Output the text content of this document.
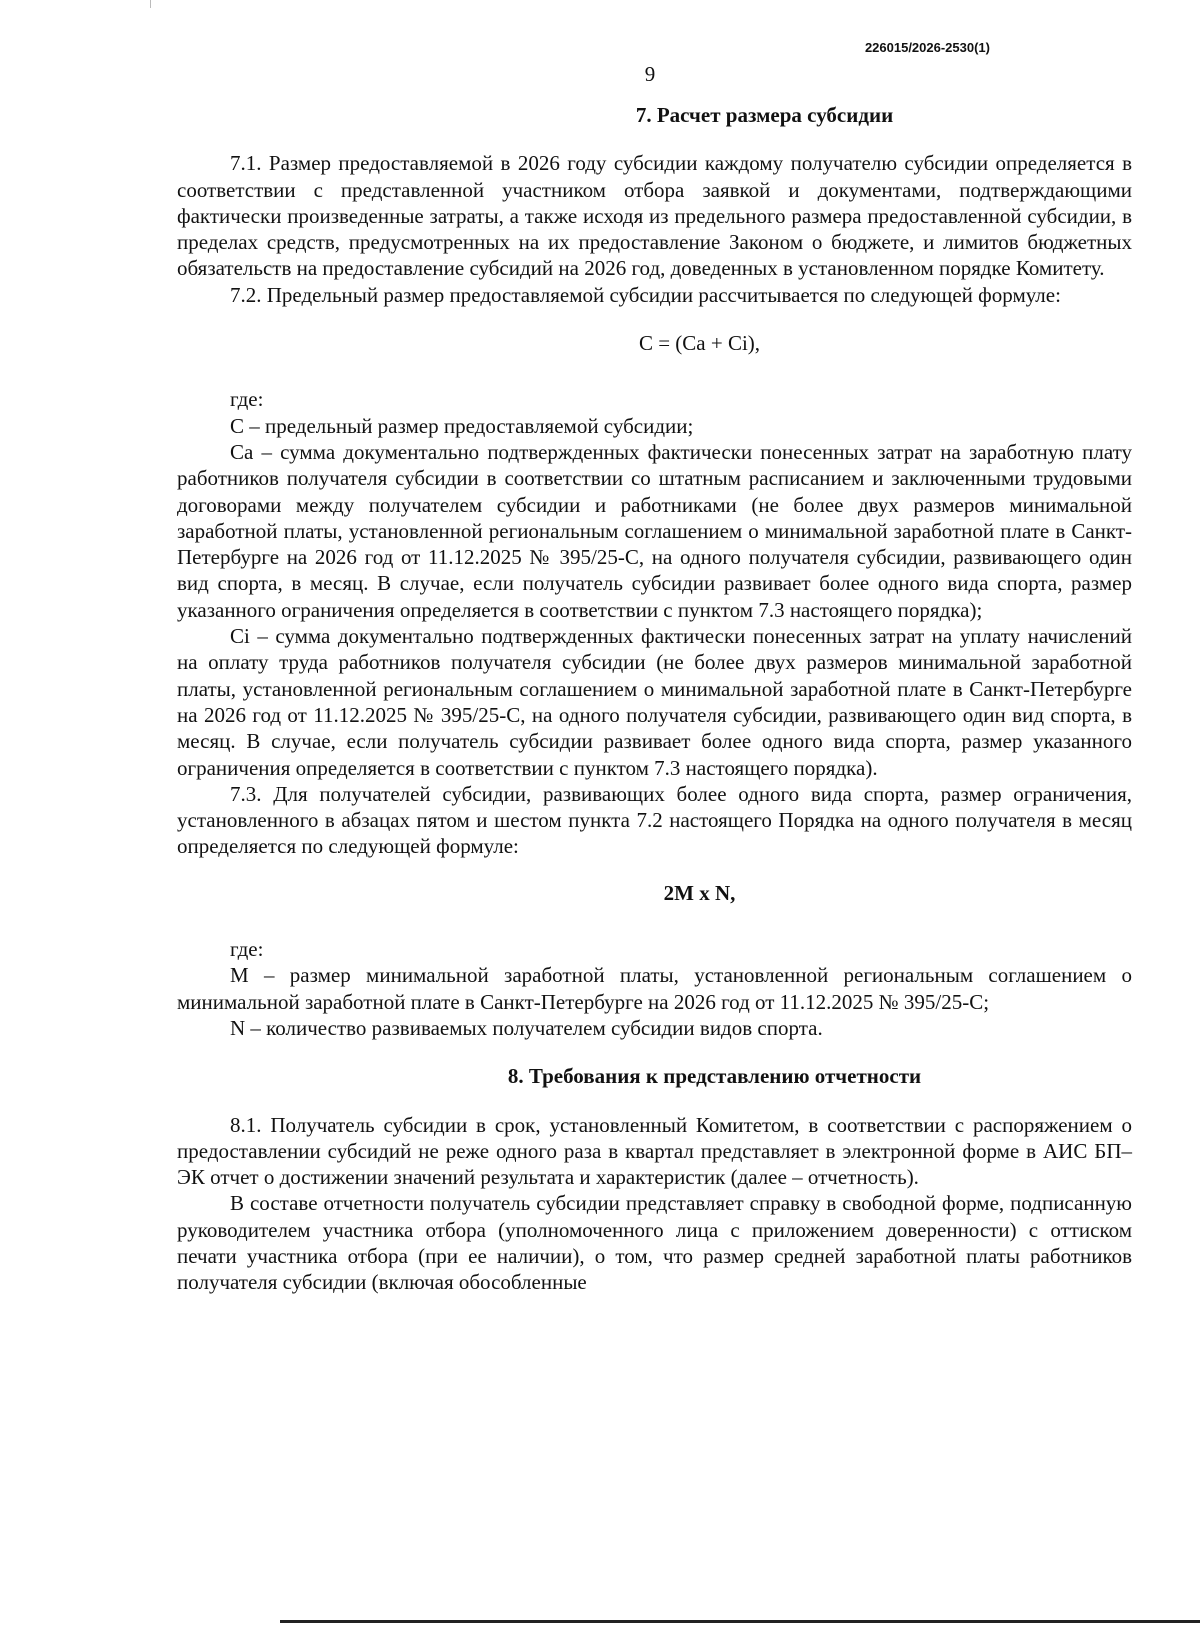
226015/2026-2530(1)
9
7. Расчет размера субсидии

7.1. Размер предоставляемой в 2026 году субсидии каждому получателю субсидии определяется в соответствии с представленной участником отбора заявкой и документами, подтверждающими фактически произведенные затраты, а также исходя из предельного размера предоставленной субсидии, в пределах средств, предусмотренных на их предоставление Законом о бюджете, и лимитов бюджетных обязательств на предоставление субсидий на 2026 год, доведенных в установленном порядке Комитету.

7.2. Предельный размер предоставляемой субсидии рассчитывается по следующей формуле:

C = (Ca + Ci),

где:

C – предельный размер предоставляемой субсидии;

Ca – сумма документально подтвержденных фактически понесенных затрат на заработную плату работников получателя субсидии в соответствии со штатным расписанием и заключенными трудовыми договорами между получателем субсидии и работниками (не более двух размеров минимальной заработной платы, установленной региональным соглашением о минимальной заработной плате в Санкт-Петербурге на 2026 год от 11.12.2025 № 395/25-С, на одного получателя субсидии, развивающего один вид спорта, в месяц. В случае, если получатель субсидии развивает более одного вида спорта, размер указанного ограничения определяется в соответствии с пунктом 7.3 настоящего порядка);

Ci – сумма документально подтвержденных фактически понесенных затрат на уплату начислений на оплату труда работников получателя субсидии (не более двух размеров минимальной заработной платы, установленной региональным соглашением о минимальной заработной плате в Санкт-Петербурге на 2026 год от 11.12.2025 № 395/25-С, на одного получателя субсидии, развивающего один вид спорта, в месяц. В случае, если получатель субсидии развивает более одного вида спорта, размер указанного ограничения определяется в соответствии с пунктом 7.3 настоящего порядка).

7.3. Для получателей субсидии, развивающих более одного вида спорта, размер ограничения, установленного в абзацах пятом и шестом пункта 7.2 настоящего Порядка на одного получателя в месяц определяется по следующей формуле:

2M x N,

где:

M – размер минимальной заработной платы, установленной региональным соглашением о минимальной заработной плате в Санкт-Петербурге на 2026 год от 11.12.2025 № 395/25-С;

N – количество развиваемых получателем субсидии видов спорта.

8. Требования к представлению отчетности

8.1. Получатель субсидии в срок, установленный Комитетом, в соответствии с распоряжением о предоставлении субсидий не реже одного раза в квартал представляет в электронной форме в АИС БП–ЭК отчет о достижении значений результата и характеристик (далее – отчетность).

В составе отчетности получатель субсидии представляет справку в свободной форме, подписанную руководителем участника отбора (уполномоченного лица с приложением доверенности) с оттиском печати участника отбора (при ее наличии), о том, что размер средней заработной платы работников получателя субсидии (включая обособленные
